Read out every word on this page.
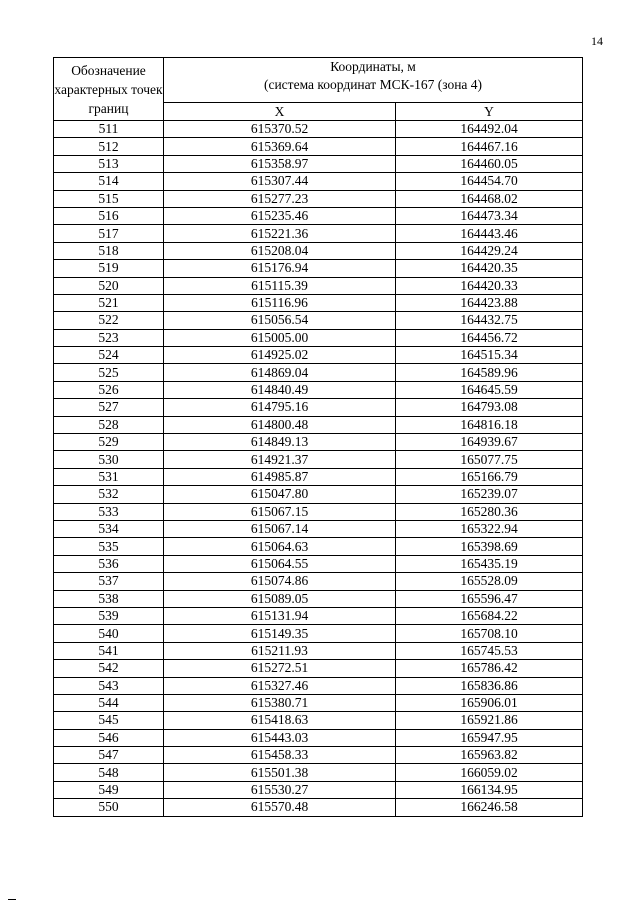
14
Обозначение характерных точек границ	Координаты, м
(система координат МСК-167 (зона 4)	

	X	Y
511	615370.52	164492.04
512	615369.64	164467.16
513	615358.97	164460.05
514	615307.44	164454.70
515	615277.23	164468.02
516	615235.46	164473.34
517	615221.36	164443.46
518	615208.04	164429.24
519	615176.94	164420.35
520	615115.39	164420.33
521	615116.96	164423.88
522	615056.54	164432.75
523	615005.00	164456.72
524	614925.02	164515.34
525	614869.04	164589.96
526	614840.49	164645.59
527	614795.16	164793.08
528	614800.48	164816.18
529	614849.13	164939.67
530	614921.37	165077.75
531	614985.87	165166.79
532	615047.80	165239.07
533	615067.15	165280.36
534	615067.14	165322.94
535	615064.63	165398.69
536	615064.55	165435.19
537	615074.86	165528.09
538	615089.05	165596.47
539	615131.94	165684.22
540	615149.35	165708.10
541	615211.93	165745.53
542	615272.51	165786.42
543	615327.46	165836.86
544	615380.71	165906.01
545	615418.63	165921.86
546	615443.03	165947.95
547	615458.33	165963.82
548	615501.38	166059.02
549	615530.27	166134.95
550	615570.48	166246.58
